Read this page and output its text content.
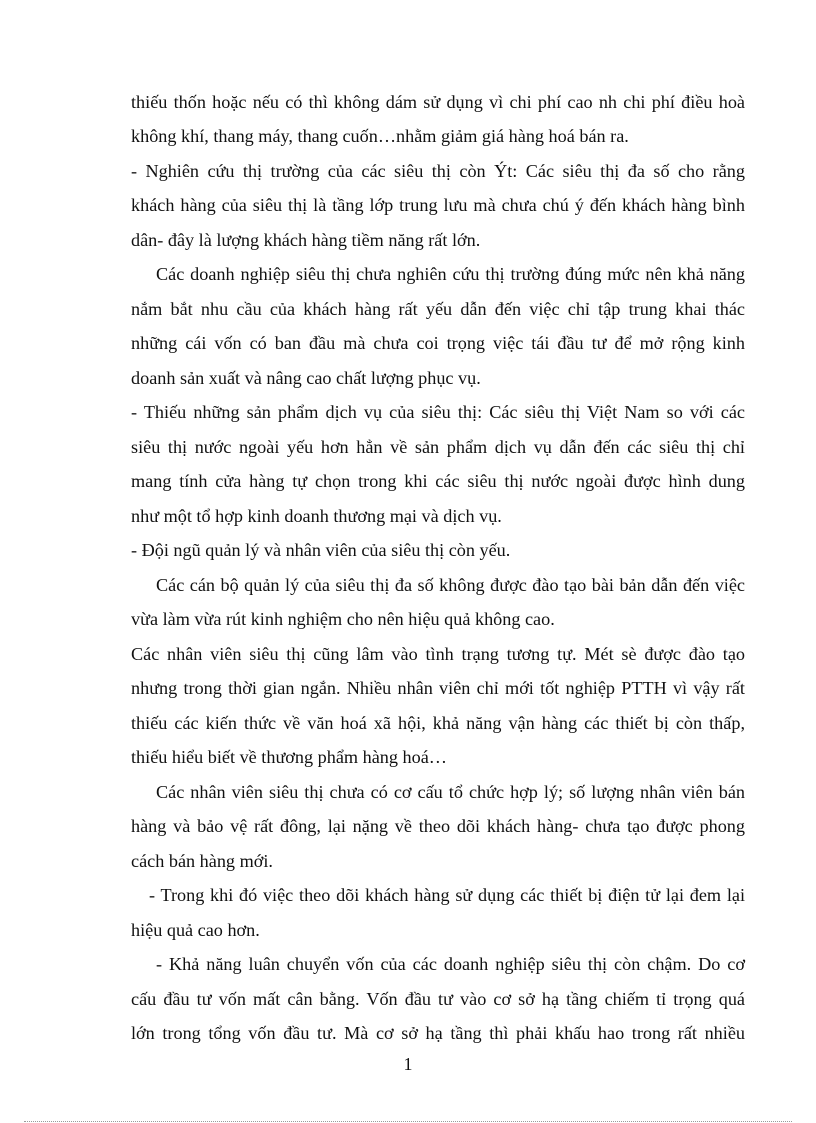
thiếu thốn hoặc nếu có thì không dám sử dụng vì chi phí cao nh chi phí điều hoà
không khí, thang máy, thang cuốn…nhằm giảm giá hàng hoá bán ra.
- Nghiên cứu thị trường của các siêu thị còn Ýt: Các siêu thị đa số cho rằng
khách hàng của siêu thị là tầng lớp trung lưu mà chưa chú ý đến khách hàng bình
dân- đây là lượng khách hàng tiềm năng rất lớn.
Các doanh nghiệp siêu thị chưa nghiên cứu thị trường đúng mức nên khả năng
nắm bắt nhu cầu của khách hàng rất yếu dẫn đến việc chỉ tập trung khai thác
những cái vốn có ban đầu mà chưa coi trọng việc tái đầu tư để mở rộng kinh
doanh sản xuất và nâng cao chất lượng phục vụ.
- Thiếu những sản phẩm dịch vụ của siêu thị: Các siêu thị Việt Nam so với các
siêu thị nước ngoài yếu hơn hẳn về sản phẩm dịch vụ dẫn đến các siêu thị chỉ
mang tính cửa hàng tự chọn trong khi các siêu thị nước ngoài được hình dung
như một tổ hợp kinh doanh thương mại và dịch vụ.
- Đội ngũ quản lý và nhân viên của siêu thị còn yếu.
Các cán bộ quản lý của siêu thị đa số không được đào tạo bài bản dẫn đến việc
vừa làm vừa rút kinh nghiệm cho nên hiệu quả không cao.
Các nhân viên siêu thị cũng lâm vào tình trạng tương tự. Mét sè được đào tạo
nhưng trong thời gian ngắn. Nhiều nhân viên chỉ mới tốt nghiệp PTTH vì vậy rất
thiếu các kiến thức về văn hoá xã hội, khả năng vận hàng các thiết bị còn thấp,
thiếu hiểu biết về thương phẩm hàng hoá…
Các nhân viên siêu thị chưa có cơ cấu tổ chức hợp lý; số lượng nhân viên bán
hàng và bảo vệ rất đông, lại nặng về theo dõi khách hàng- chưa tạo được phong
cách bán hàng mới.
- Trong khi đó việc theo dõi khách hàng sử dụng các thiết bị điện tử lại đem lại
hiệu quả cao hơn.
- Khả năng luân chuyển vốn của các doanh nghiệp siêu thị còn chậm. Do cơ
cấu đầu tư vốn mất cân bằng. Vốn đầu tư vào cơ sở hạ tầng chiếm tỉ trọng quá
lớn trong tổng vốn đầu tư. Mà cơ sở hạ tầng thì phải khấu hao trong rất nhiều
1
